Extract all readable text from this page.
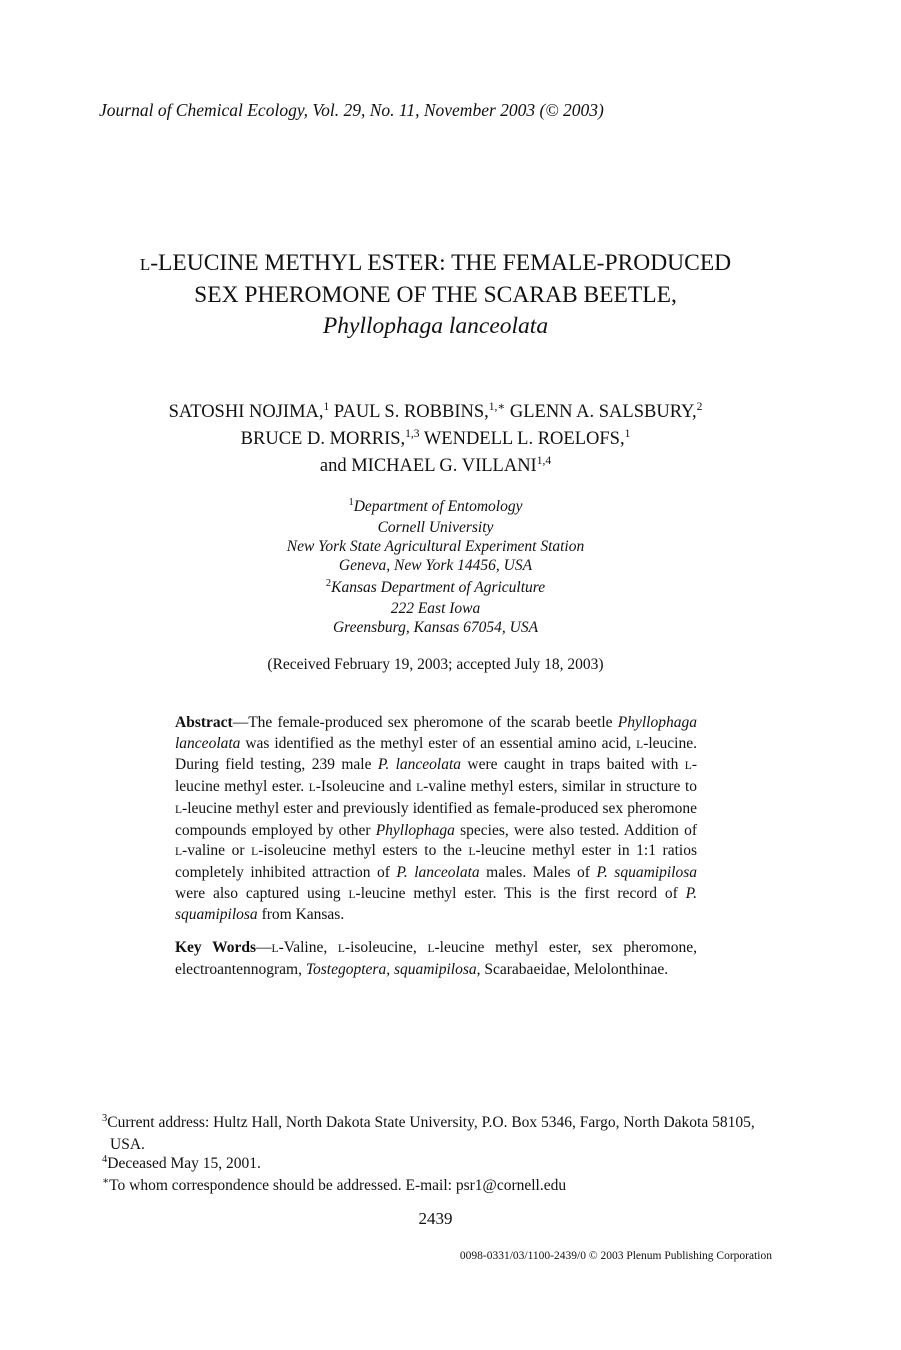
Journal of Chemical Ecology, Vol. 29, No. 11, November 2003 (© 2003)
L-LEUCINE METHYL ESTER: THE FEMALE-PRODUCED
SEX PHEROMONE OF THE SCARAB BEETLE,
Phyllophaga lanceolata
SATOSHI NOJIMA,$^1$ PAUL S. ROBBINS,$^{1,∗}$ GLENN A. SALSBURY,$^2$
BRUCE D. MORRIS,$^{1,3}$ WENDELL L. ROELOFS,$^1$
and MICHAEL G. VILLANI$^{1,4}$
$^1$Department of Entomology
Cornell University
New York State Agricultural Experiment Station
Geneva, New York 14456, USA
$^2$Kansas Department of Agriculture
222 East Iowa
Greensburg, Kansas 67054, USA
(Received February 19, 2003; accepted July 18, 2003)

Abstract—The female-produced sex pheromone of the scarab beetle Phyllophaga lanceolata was identified as the methyl ester of an essential amino acid, L-leucine. During field testing, 239 male P. lanceolata were caught in traps baited with L-leucine methyl ester. L-Isoleucine and L-valine methyl esters, similar in structure to L-leucine methyl ester and previously identified as female-produced sex pheromone compounds employed by other Phyllophaga species, were also tested. Addition of L-valine or L-isoleucine methyl esters to the L-leucine methyl ester in 1:1 ratios completely inhibited attraction of P. lanceolata males. Males of P. squamipilosa were also captured using L-leucine methyl ester. This is the first record of P. squamipilosa from Kansas.

Key Words—L-Valine, L-isoleucine, L-leucine methyl ester, sex pheromone, electroantennogram, Tostegoptera, squamipilosa, Scarabaeidae, Melolonthinae.

$^3$Current address: Hultz Hall, North Dakota State University, P.O. Box 5346, Fargo, North Dakota 58105, USA.

$^4$Deceased May 15, 2001.

∗To whom correspondence should be addressed. E-mail: psr1@cornell.edu

2439
0098-0331/03/1100-2439/0 © 2003 Plenum Publishing Corporation
